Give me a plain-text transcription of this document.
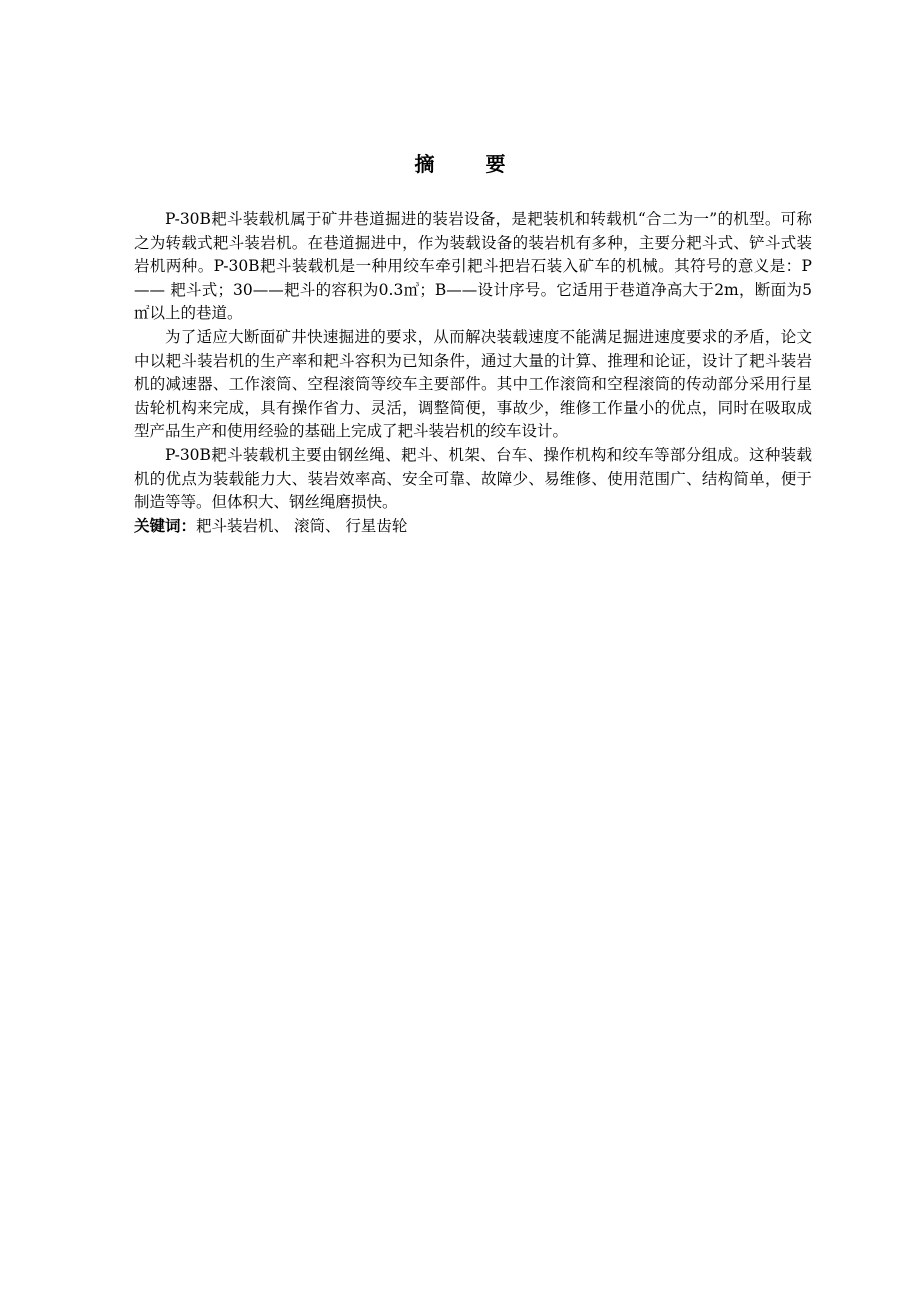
摘 要

P-30B耙斗装载机属于矿井巷道掘进的装岩设备，是耙装机和转载机“合二为一”的机型。可称之为转载式耙斗装岩机。在巷道掘进中，作为装载设备的装岩机有多种，主要分耙斗式、铲斗式装岩机两种。P-30B耙斗装载机是一种用绞车牵引耙斗把岩石装入矿车的机械。其符号的意义是：P—— 耙斗式；30——耙斗的容积为0.3㎥；B——设计序号。它适用于巷道净高大于2m，断面为5㎡以上的巷道。

为了适应大断面矿井快速掘进的要求，从而解决装载速度不能满足掘进速度要求的矛盾，论文中以耙斗装岩机的生产率和耙斗容积为已知条件，通过大量的计算、推理和论证，设计了耙斗装岩机的减速器、工作滚筒、空程滚筒等绞车主要部件。其中工作滚筒和空程滚筒的传动部分采用行星齿轮机构来完成，具有操作省力、灵活，调整简便，事故少，维修工作量小的优点，同时在吸取成型产品生产和使用经验的基础上完成了耙斗装岩机的绞车设计。

P-30B耙斗装载机主要由钢丝绳、耙斗、机架、台车、操作机构和绞车等部分组成。这种装载机的优点为装载能力大、装岩效率高、安全可靠、故障少、易维修、使用范围广、结构简单，便于制造等等。但体积大、钢丝绳磨损快。

关键词：耙斗装岩机、 滚筒、 行星齿轮
